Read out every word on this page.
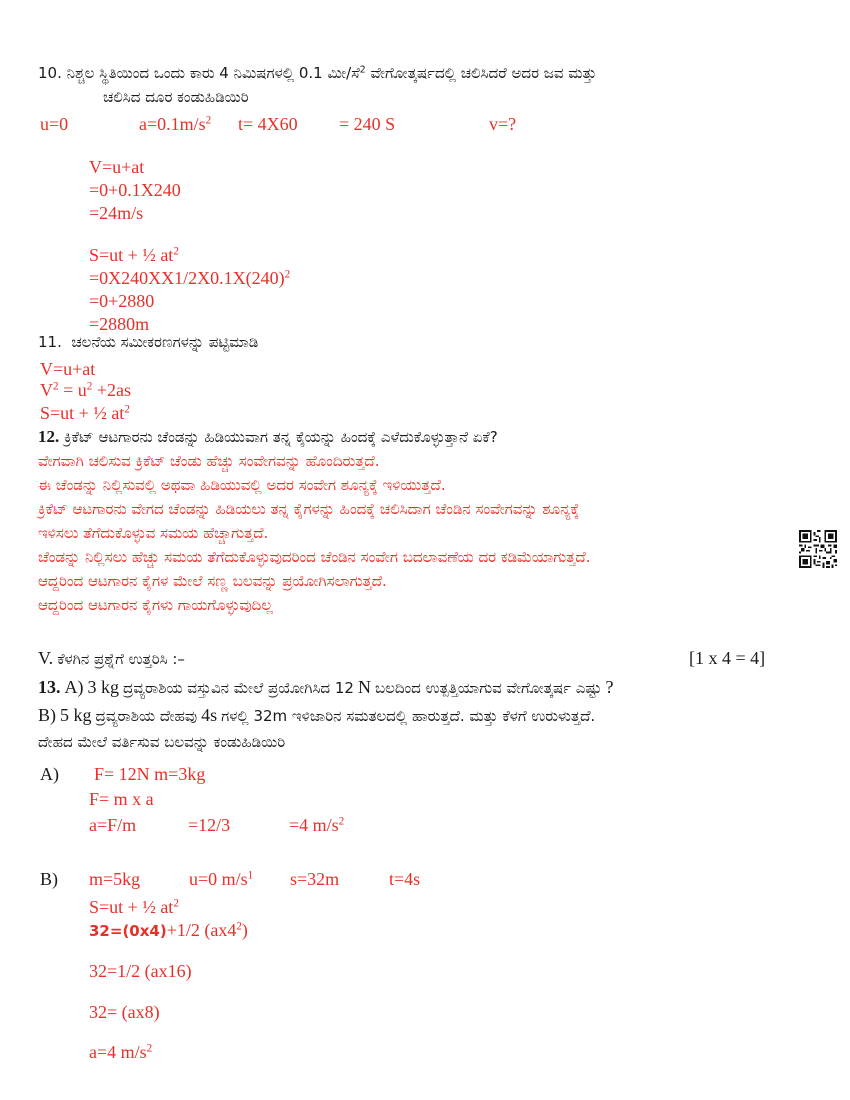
10. ನಿಶ್ಚಲ ಸ್ಥಿತಿಯಿಂದ ಒಂದು ಕಾರು 4 ನಿಮಿಷಗಳಲ್ಲಿ 0.1 ಮೀ/ಸೆ$^2$ ವೇಗೋತ್ಕರ್ಷದಲ್ಲಿ ಚಲಿಸಿದರೆ ಅದರ ಜವ ಮತ್ತು
ಚಲಿಸಿದ ದೂರ ಕಂಡುಹಿಡಿಯಿರಿ
u=0	$a=0.1m/s^2$ t= 4X60 = 240 S	v=?
V=u+at
=0+0.1X240
=24m/s
S=ut + ½ $at^2$
$=0X240XX1/2X0.1X(240)^2$
=0+2880
=2880m
11. ಚಲನೆಯ ಸಮೀಕರಣಗಳನ್ನು ಪಟ್ಟಿಮಾಡಿ
V=u+at
$V^2 = u^2 +2as$
S=ut + ½ $at^2$
12. ಕ್ರಿಕೆಟ್ ಆಟಗಾರನು ಚೆಂಡನ್ನು ಹಿಡಿಯುವಾಗ ತನ್ನ ಕೈಯನ್ನು ಹಿಂದಕ್ಕೆ ಎಳೆದುಕೊಳ್ಳುತ್ತಾನೆ ಏಕೆ?
ವೇಗವಾಗಿ ಚಲಿಸುವ ಕ್ರಿಕೆಟ್ ಚೆಂಡು ಹೆಚ್ಚು ಸಂವೇಗವನ್ನು ಹೊಂದಿರುತ್ತದೆ.
ಈ ಚೆಂಡನ್ನು ನಿಲ್ಲಿಸುವಲ್ಲಿ ಅಥವಾ ಹಿಡಿಯುವಲ್ಲಿ ಅದರ ಸಂವೇಗ ಶೂನ್ಯಕ್ಕೆ ಇಳಿಯುತ್ತದೆ.
ಕ್ರಿಕೆಟ್ ಆಟಗಾರನು ವೇಗದ ಚೆಂಡನ್ನು ಹಿಡಿಯಲು ತನ್ನ ಕೈಗಳನ್ನು ಹಿಂದಕ್ಕೆ ಚಲಿಸಿದಾಗ ಚೆಂಡಿನ ಸಂವೇಗವನ್ನು ಶೂನ್ಯಕ್ಕೆ
ಇಳಿಸಲು ತೆಗೆದುಕೊಳ್ಳುವ ಸಮಯ ಹೆಚ್ಚಾಗುತ್ತದೆ.
ಚೆಂಡನ್ನು ನಿಲ್ಲಿಸಲು ಹೆಚ್ಚು ಸಮಯ ತೆಗೆದುಕೊಳ್ಳುವುದರಿಂದ ಚೆಂಡಿನ ಸಂವೇಗ ಬದಲಾವಣೆಯ ದರ ಕಡಿಮೆಯಾಗುತ್ತದೆ.
ಆದ್ದರಿಂದ ಆಟಗಾರನ ಕೈಗಳ ಮೇಲೆ ಸಣ್ಣ ಬಲವನ್ನು ಪ್ರಯೋಗಿಸಲಾಗುತ್ತದೆ.
ಆದ್ದರಿಂದ ಆಟಗಾರನ ಕೈಗಳು ಗಾಯಗೊಳ್ಳುವುದಿಲ್ಲ
V. ಕೆಳಗಿನ ಪ್ರಶ್ನೆಗೆ ಉತ್ತರಿಸಿ :–	[1 x 4 = 4]
13. A) 3 kg ದ್ರವ್ಯರಾಶಿಯ ವಸ್ತುವಿನ ಮೇಲೆ ಪ್ರಯೋಗಿಸಿದ 12 N ಬಲದಿಂದ ಉತ್ಪತ್ತಿಯಾಗುವ ವೇಗೋತ್ಕರ್ಷ ಎಷ್ಟು ?
B) 5 kg ದ್ರವ್ಯರಾಶಿಯ ದೇಹವು 4s ಗಳಲ್ಲಿ 32m ಇಳಿಜಾರಿನ ಸಮತಲದಲ್ಲಿ ಹಾರುತ್ತದೆ. ಮತ್ತು ಕೆಳಗೆ ಉರುಳುತ್ತದೆ.
ದೇಹದ ಮೇಲೆ ವರ್ತಿಸುವ ಬಲವನ್ನು ಕಂಡುಹಿಡಿಯಿರಿ
A) F= 12N m=3kg
F= m x a
a=F/m	=12/3	=4 $m/s^2$
B) m=5kg	u=0 $m/s^1$ s=32m	t=4s
S=ut + ½ $at^2$
32=(0x4)+1/2 $(ax4^2)$
32=1/2 (ax16)
32= (ax8)
a=4 $m/s^2$
